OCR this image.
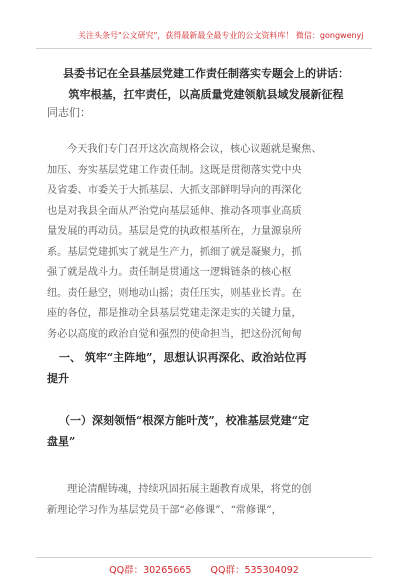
关注头条号"公文研究"，获得最新最全最专业的公文资料库！ 微信：gongwenyj
县委书记在全县基层党建工作责任制落实专题会上的讲话：
筑牢根基，扛牢责任，以高质量党建领航县域发展新征程
同志们：
今天我们专门召开这次高规格会议，核心议题就是聚焦、
加压、夯实基层党建工作责任制。这既是贯彻落实党中央
及省委、市委关于大抓基层、大抓支部鲜明导向的再深化
也是对我县全面从严治党向基层延伸、推动各项事业高质
量发展的再动员。基层是党的执政根基所在，力量源泉所
系。基层党建抓实了就是生产力，抓细了就是凝聚力，抓
强了就是战斗力。责任制是贯通这一逻辑链条的核心枢
纽。责任悬空，则地动山摇；责任压实，则基业长青。在
座的各位，都是推动全县基层党建走深走实的关键力量，
务必以高度的政治自觉和强烈的使命担当，把这份沉甸甸
一、 筑牢“主阵地”，思想认识再深化、政治站位再
提升
（一）深刻领悟“根深方能叶茂”，校准基层党建“定
盘星”
理论清醒铸魂，持续巩固拓展主题教育成果，将党的创
新理论学习作为基层党员干部“必修课”、“常修课”，
QQ群：30265665 QQ群：535304092
